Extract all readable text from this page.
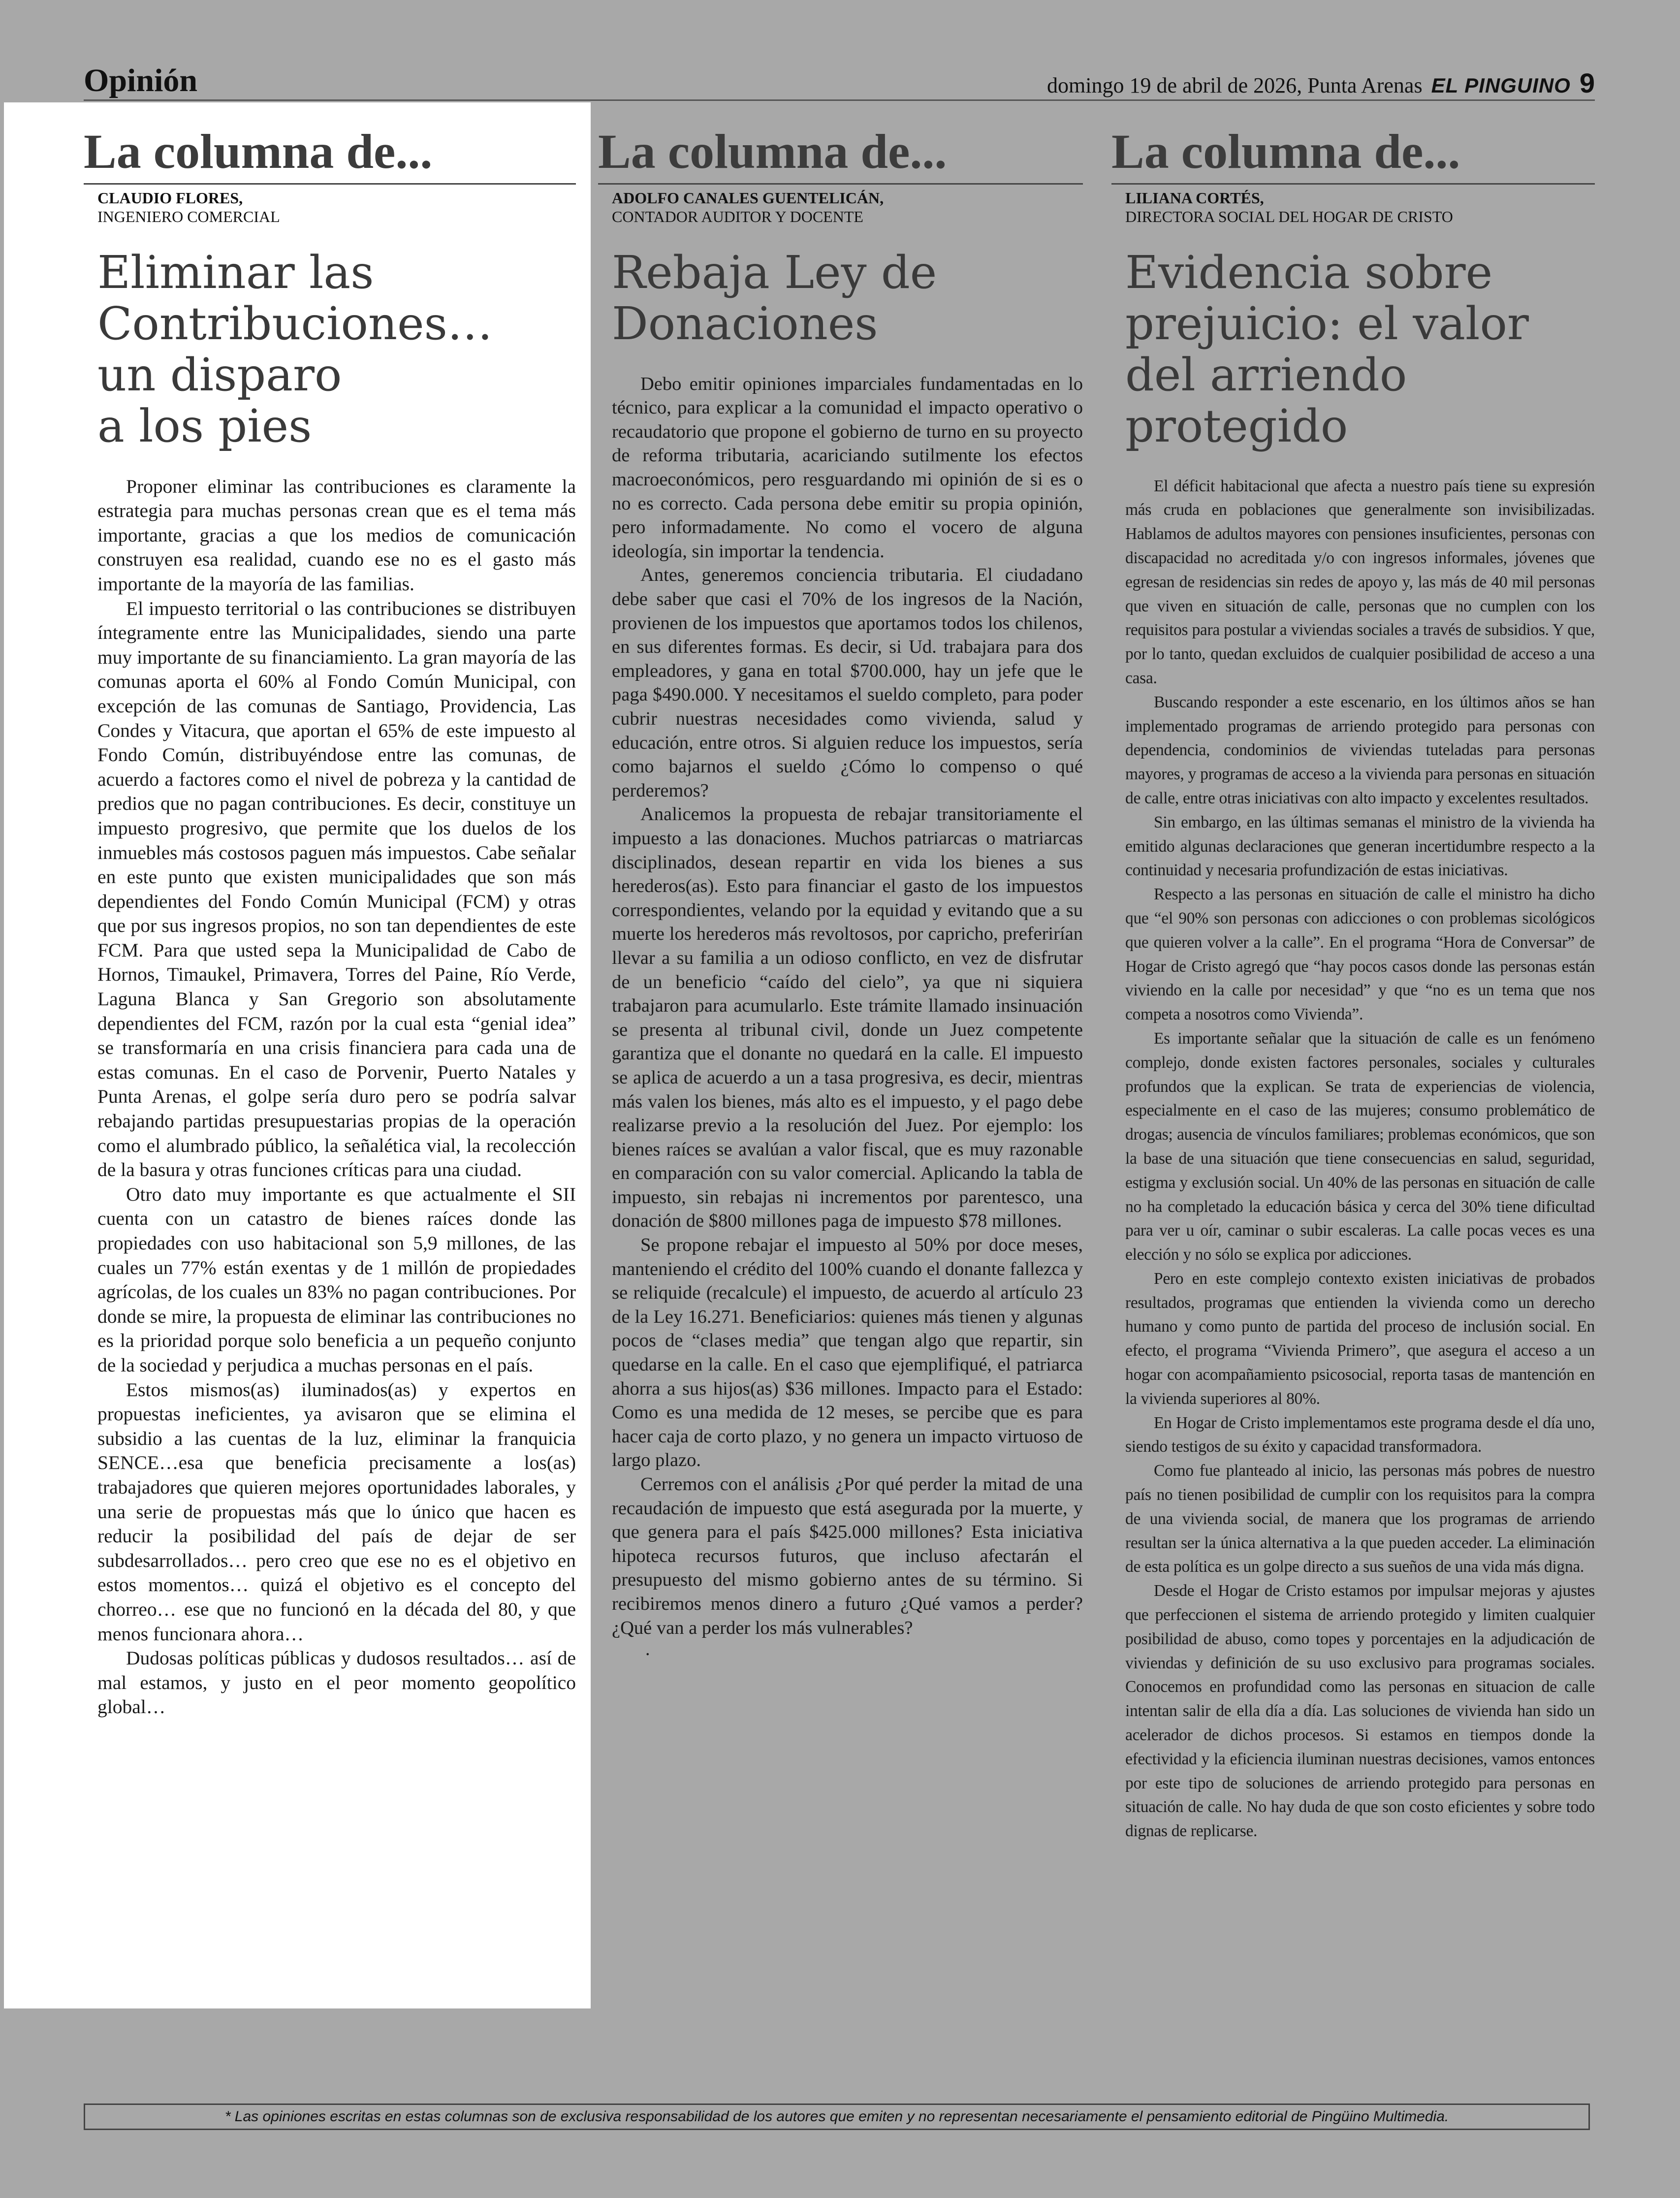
Opinión	domingo 19 de abril de 2026, Punta Arenas EL PINGUINO 9
La columna de...
CLAUDIO FLORES,
INGENIERO COMERCIAL
Eliminar las
Contribuciones…
un disparo
a los pies

Proponer eliminar las contribuciones es claramente la estrategia para muchas personas crean que es el tema más importante, gracias a que los medios de comunicación construyen esa realidad, cuando ese no es el gasto más importante de la mayoría de las familias.

El impuesto territorial o las contribuciones se distribuyen íntegramente entre las Municipalidades, siendo una parte muy importante de su financiamiento. La gran mayoría de las comunas aporta el 60% al Fondo Común Municipal, con excepción de las comunas de Santiago, Providencia, Las Condes y Vitacura, que aportan el 65% de este impuesto al Fondo Común, distribuyéndose entre las comunas, de acuerdo a factores como el nivel de pobreza y la cantidad de predios que no pagan contribuciones. Es decir, constituye un impuesto progresivo, que permite que los duelos de los inmuebles más costosos paguen más impuestos. Cabe señalar en este punto que existen municipalidades que son más dependientes del Fondo Común Municipal (FCM) y otras que por sus ingresos propios, no son tan dependientes de este FCM. Para que usted sepa la Municipalidad de Cabo de Hornos, Timaukel, Primavera, Torres del Paine, Río Verde, Laguna Blanca y San Gregorio son absolutamente dependientes del FCM, razón por la cual esta “genial idea” se transformaría en una crisis financiera para cada una de estas comunas. En el caso de Porvenir, Puerto Natales y Punta Arenas, el golpe sería duro pero se podría salvar rebajando partidas presupuestarias propias de la operación como el alumbrado público, la señalética vial, la recolección de la basura y otras funciones críticas para una ciudad.

Otro dato muy importante es que actualmente el SII cuenta con un catastro de bienes raíces donde las propiedades con uso habitacional son 5,9 millones, de las cuales un 77% están exentas y de 1 millón de propiedades agrícolas, de los cuales un 83% no pagan contribuciones. Por donde se mire, la propuesta de eliminar las contribuciones no es la prioridad porque solo beneficia a un pequeño conjunto de la sociedad y perjudica a muchas personas en el país.

Estos mismos(as) iluminados(as) y expertos en propuestas ineficientes, ya avisaron que se elimina el subsidio a las cuentas de la luz, eliminar la franquicia SENCE…esa que beneficia precisamente a los(as) trabajadores que quieren mejores oportunidades laborales, y una serie de propuestas más que lo único que hacen es reducir la posibilidad del país de dejar de ser subdesarrollados… pero creo que ese no es el objetivo en estos momentos… quizá el objetivo es el concepto del chorreo… ese que no funcionó en la década del 80, y que menos funcionara ahora…

Dudosas políticas públicas y dudosos resultados… así de mal estamos, y justo en el peor momento geopolítico global…

La columna de...
ADOLFO CANALES GUENTELICÁN,
CONTADOR AUDITOR Y DOCENTE
Rebaja Ley de
Donaciones

Debo emitir opiniones imparciales fundamentadas en lo técnico, para explicar a la comunidad el impacto operativo o recaudatorio que propone el gobierno de turno en su proyecto de reforma tributaria, acariciando sutilmente los efectos macroeconómicos, pero resguardando mi opinión de si es o no es correcto. Cada persona debe emitir su propia opinión, pero informadamente. No como el vocero de alguna ideología, sin importar la tendencia.

Antes, generemos conciencia tributaria. El ciudadano debe saber que casi el 70% de los ingresos de la Nación, provienen de los impuestos que aportamos todos los chilenos, en sus diferentes formas. Es decir, si Ud. trabajara para dos empleadores, y gana en total $700.000, hay un jefe que le paga $490.000. Y necesitamos el sueldo completo, para poder cubrir nuestras necesidades como vivienda, salud y educación, entre otros. Si alguien reduce los impuestos, sería como bajarnos el sueldo ¿Cómo lo compenso o qué perderemos?

Analicemos la propuesta de rebajar transitoriamente el impuesto a las donaciones. Muchos patriarcas o matriarcas disciplinados, desean repartir en vida los bienes a sus herederos(as). Esto para financiar el gasto de los impuestos correspondientes, velando por la equidad y evitando que a su muerte los herederos más revoltosos, por capricho, preferirían llevar a su familia a un odioso conflicto, en vez de disfrutar de un beneficio “caído del cielo”, ya que ni siquiera trabajaron para acumularlo. Este trámite llamado insinuación se presenta al tribunal civil, donde un Juez competente garantiza que el donante no quedará en la calle. El impuesto se aplica de acuerdo a un a tasa progresiva, es decir, mientras más valen los bienes, más alto es el impuesto, y el pago debe realizarse previo a la resolución del Juez. Por ejemplo: los bienes raíces se avalúan a valor fiscal, que es muy razonable en comparación con su valor comercial. Aplicando la tabla de impuesto, sin rebajas ni incrementos por parentesco, una donación de $800 millones paga de impuesto $78 millones.

Se propone rebajar el impuesto al 50% por doce meses, manteniendo el crédito del 100% cuando el donante fallezca y se reliquide (recalcule) el impuesto, de acuerdo al artículo 23 de la Ley 16.271. Beneficiarios: quienes más tienen y algunas pocos de “clases media” que tengan algo que repartir, sin quedarse en la calle. En el caso que ejemplifiqué, el patriarca ahorra a sus hijos(as) $36 millones. Impacto para el Estado: Como es una medida de 12 meses, se percibe que es para hacer caja de corto plazo, y no genera un impacto virtuoso de largo plazo.

Cerremos con el análisis ¿Por qué perder la mitad de una recaudación de impuesto que está asegurada por la muerte, y que genera para el país $425.000 millones? Esta iniciativa hipoteca recursos futuros, que incluso afectarán el presupuesto del mismo gobierno antes de su término. Si recibiremos menos dinero a futuro ¿Qué vamos a perder? ¿Qué van a perder los más vulnerables?

.
La columna de...
LILIANA CORTÉS,
DIRECTORA SOCIAL DEL HOGAR DE CRISTO
Evidencia sobre
prejuicio: el valor
del arriendo
protegido

El déficit habitacional que afecta a nuestro país tiene su expresión más cruda en poblaciones que generalmente son invisibilizadas. Hablamos de adultos mayores con pensiones insuficientes, personas con discapacidad no acreditada y/o con ingresos informales, jóvenes que egresan de residencias sin redes de apoyo y, las más de 40 mil personas que viven en situación de calle, personas que no cumplen con los requisitos para postular a viviendas sociales a través de subsidios. Y que, por lo tanto, quedan excluidos de cualquier posibilidad de acceso a una casa.

Buscando responder a este escenario, en los últimos años se han implementado programas de arriendo protegido para personas con dependencia, condominios de viviendas tuteladas para personas mayores, y programas de acceso a la vivienda para personas en situación de calle, entre otras iniciativas con alto impacto y excelentes resultados.

Sin embargo, en las últimas semanas el ministro de la vivienda ha emitido algunas declaraciones que generan incertidumbre respecto a la continuidad y necesaria profundización de estas iniciativas.

Respecto a las personas en situación de calle el ministro ha dicho que “el 90% son personas con adicciones o con problemas sicológicos que quieren volver a la calle”. En el programa “Hora de Conversar” de Hogar de Cristo agregó que “hay pocos casos donde las personas están viviendo en la calle por necesidad” y que “no es un tema que nos competa a nosotros como Vivienda”.

Es importante señalar que la situación de calle es un fenómeno complejo, donde existen factores personales, sociales y culturales profundos que la explican. Se trata de experiencias de violencia, especialmente en el caso de las mujeres; consumo problemático de drogas; ausencia de vínculos familiares; problemas económicos, que son la base de una situación que tiene consecuencias en salud, seguridad, estigma y exclusión social. Un 40% de las personas en situación de calle no ha completado la educación básica y cerca del 30% tiene dificultad para ver u oír, caminar o subir escaleras. La calle pocas veces es una elección y no sólo se explica por adicciones.

Pero en este complejo contexto existen iniciativas de probados resultados, programas que entienden la vivienda como un derecho humano y como punto de partida del proceso de inclusión social. En efecto, el programa “Vivienda Primero”, que asegura el acceso a un hogar con acompañamiento psicosocial, reporta tasas de mantención en la vivienda superiores al 80%.

En Hogar de Cristo implementamos este programa desde el día uno, siendo testigos de su éxito y capacidad transformadora.

Como fue planteado al inicio, las personas más pobres de nuestro país no tienen posibilidad de cumplir con los requisitos para la compra de una vivienda social, de manera que los programas de arriendo resultan ser la única alternativa a la que pueden acceder. La eliminación de esta política es un golpe directo a sus sueños de una vida más digna.

Desde el Hogar de Cristo estamos por impulsar mejoras y ajustes que perfeccionen el sistema de arriendo protegido y limiten cualquier posibilidad de abuso, como topes y porcentajes en la adjudicación de viviendas y definición de su uso exclusivo para programas sociales. Conocemos en profundidad como las personas en situacion de calle intentan salir de ella día a día. Las soluciones de vivienda han sido un acelerador de dichos procesos. Si estamos en tiempos donde la efectividad y la eficiencia iluminan nuestras decisiones, vamos entonces por este tipo de soluciones de arriendo protegido para personas en situación de calle. No hay duda de que son costo eficientes y sobre todo dignas de replicarse.

* Las opiniones escritas en estas columnas son de exclusiva responsabilidad de los autores que emiten y no representan necesariamente el pensamiento editorial de Pingüino Multimedia.
